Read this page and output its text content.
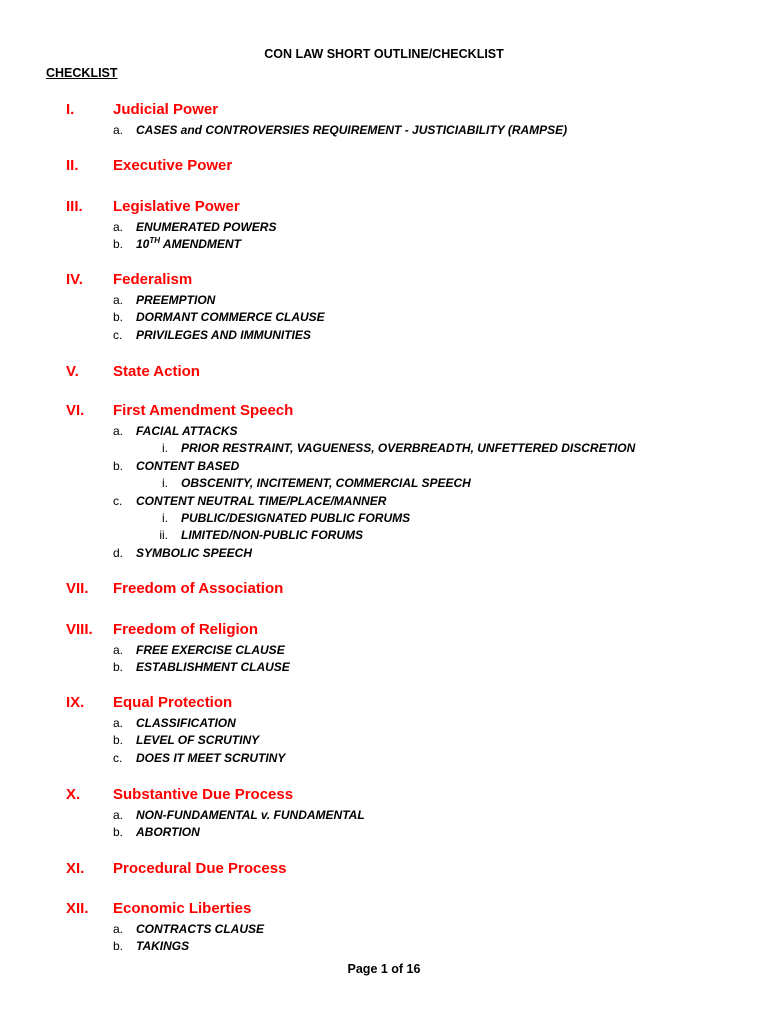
CON LAW SHORT OUTLINE/CHECKLIST
CHECKLIST
I.	Judicial Power
a. CASES and CONTROVERSIES REQUIREMENT - JUSTICIABILITY (RAMPSE)
II. Executive Power
III. Legislative Power
a. ENUMERATED POWERS
b. 10TH AMENDMENT
IV. Federalism
a. PREEMPTION
b. DORMANT COMMERCE CLAUSE
c. PRIVILEGES AND IMMUNITIES
V. State Action
VI. First Amendment Speech
a. FACIAL ATTACKS
i. PRIOR RESTRAINT, VAGUENESS, OVERBREADTH, UNFETTERED DISCRETION
b. CONTENT BASED
i. OBSCENITY, INCITEMENT, COMMERCIAL SPEECH
c. CONTENT NEUTRAL TIME/PLACE/MANNER
i. PUBLIC/DESIGNATED PUBLIC FORUMS
ii. LIMITED/NON-PUBLIC FORUMS
d. SYMBOLIC SPEECH
VII. Freedom of Association
VIII. Freedom of Religion
a. FREE EXERCISE CLAUSE
b. ESTABLISHMENT CLAUSE
IX. Equal Protection
a. CLASSIFICATION
b. LEVEL OF SCRUTINY
c. DOES IT MEET SCRUTINY
X. Substantive Due Process
a. NON-FUNDAMENTAL v. FUNDAMENTAL
b. ABORTION
XI. Procedural Due Process
XII. Economic Liberties
a. CONTRACTS CLAUSE
b. TAKINGS
Page 1 of 16
